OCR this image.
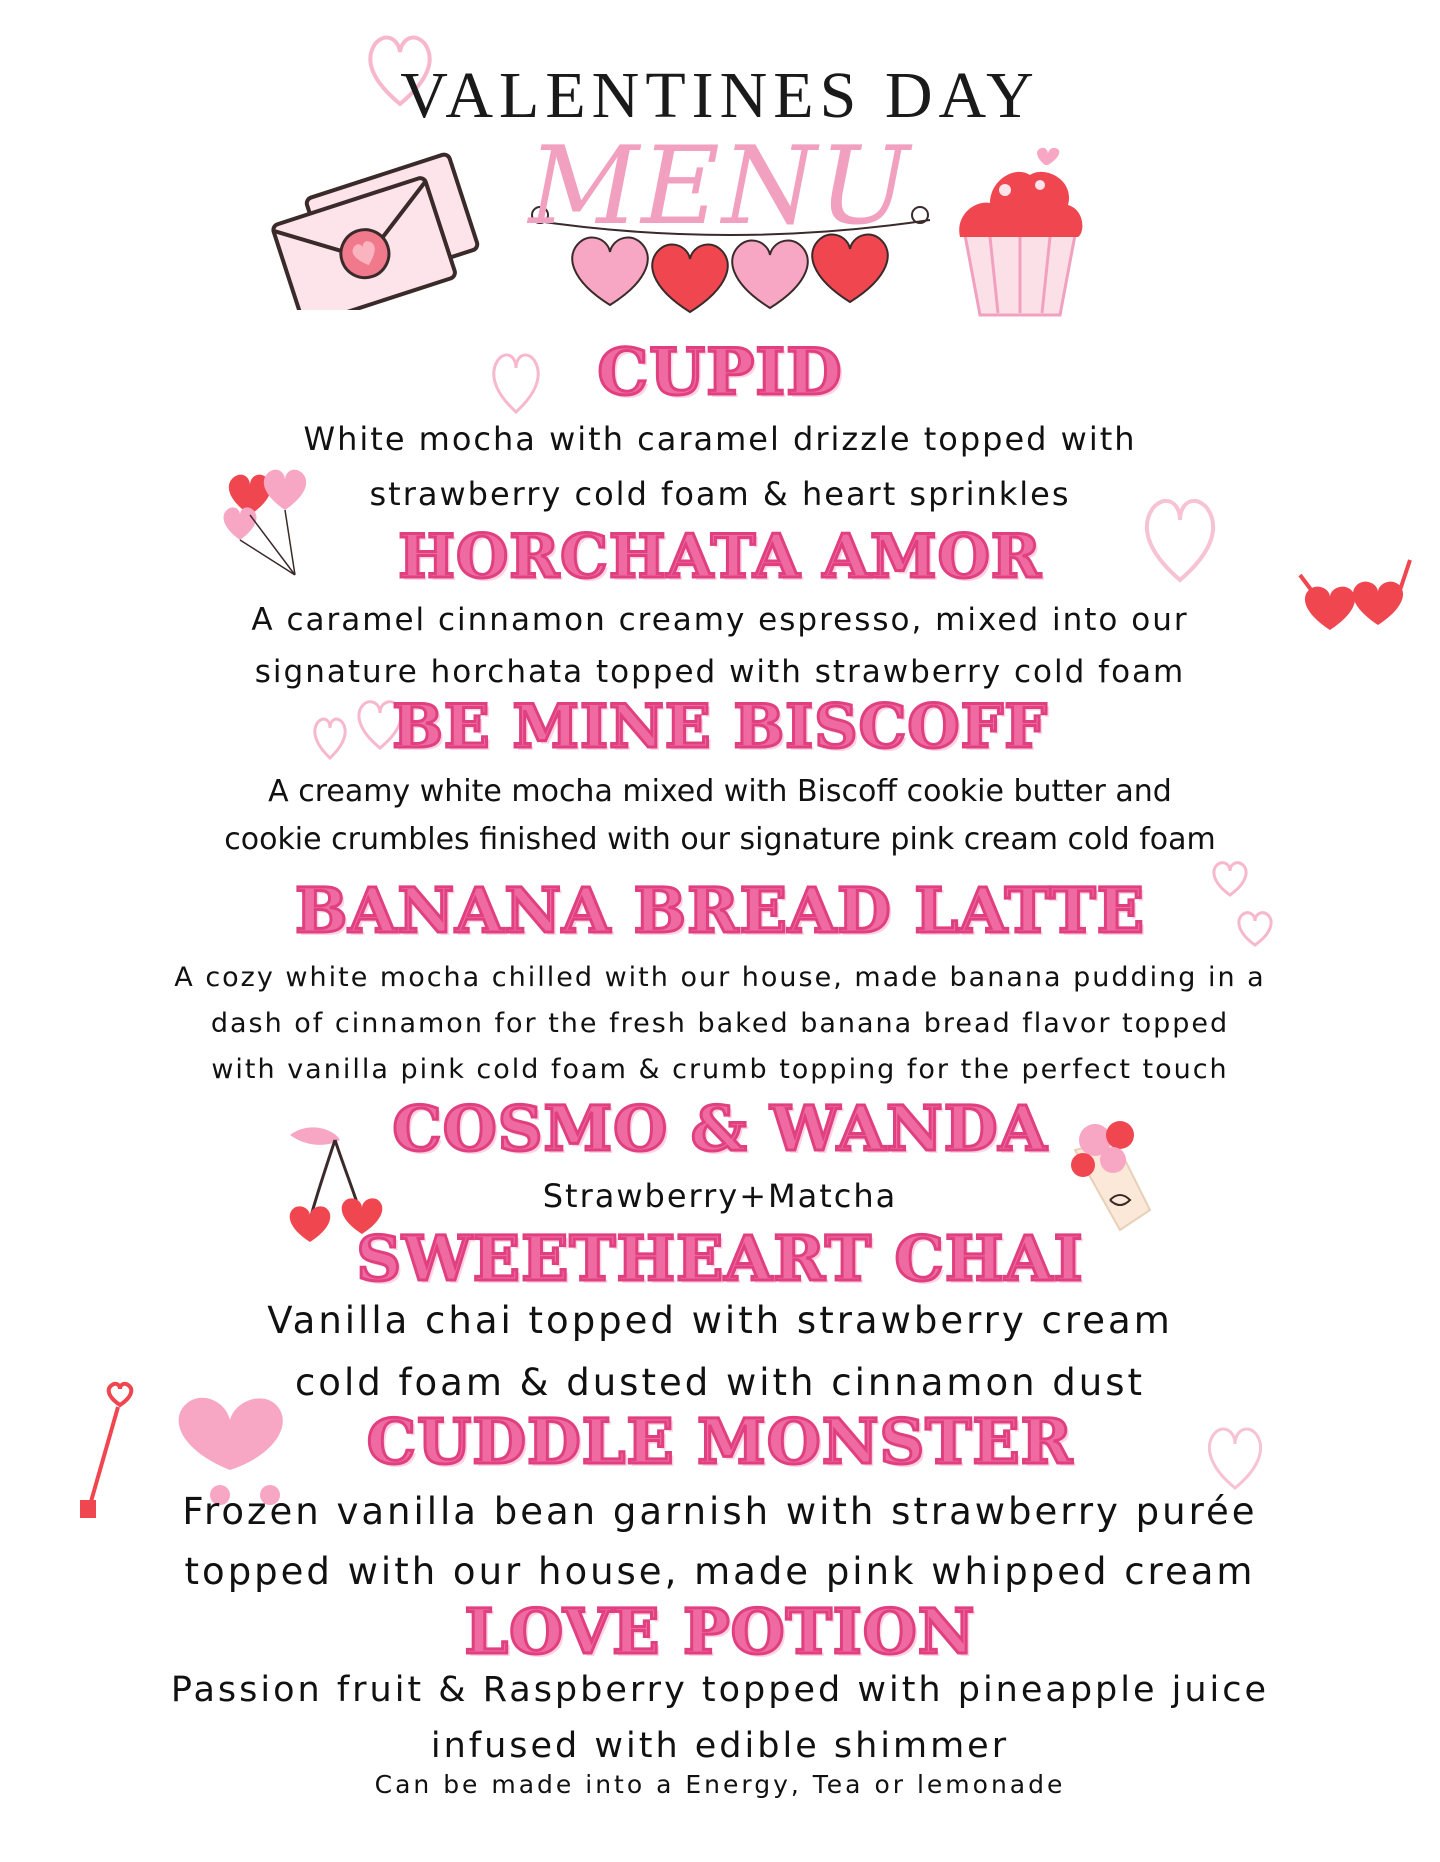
VALENTINES DAY
MENU
CUPID
White mocha with caramel drizzle topped with
strawberry cold foam & heart sprinkles
HORCHATA AMOR
A caramel cinnamon creamy espresso, mixed into our
signature horchata topped with strawberry cold foam
BE MINE BISCOFF
A creamy white mocha mixed with Biscoff cookie butter and
cookie crumbles finished with our signature pink cream cold foam
BANANA BREAD LATTE
A cozy white mocha chilled with our house, made banana pudding in a
dash of cinnamon for the fresh baked banana bread flavor topped
with vanilla pink cold foam & crumb topping for the perfect touch
COSMO & WANDA
Strawberry+Matcha
SWEETHEART CHAI
Vanilla chai topped with strawberry cream
cold foam & dusted with cinnamon dust
CUDDLE MONSTER
Frozen vanilla bean garnish with strawberry purée
topped with our house, made pink whipped cream
LOVE POTION
Passion fruit & Raspberry topped with pineapple juice
infused with edible shimmer
Can be made into a Energy, Tea or lemonade
